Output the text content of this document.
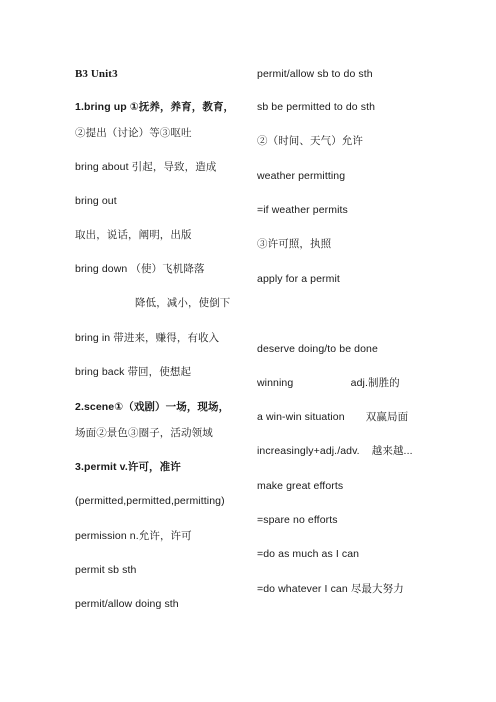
B3 Unit3
1.bring up ①抚养，养育，教育，
②提出（讨论）等③呕吐
bring about 引起，导致，造成
bring out
取出，说话，阐明，出版
bring down （使）飞机降落
降低，减小，使倒下
bring in 带进来，赚得，有收入
bring back 带回，使想起
2.scene①（戏剧）一场，现场，
场面②景色③圈子，活动领域
3.permit v.许可，准许
(permitted,permitted,permitting)
permission n.允许，许可
permit sb sth
permit/allow doing sth
permit/allow sb to do sth
sb be permitted to do sth
②（时间、天气）允许
weather permitting
=if weather permits
③许可照，执照
apply for a permit
deserve doing/to be done
winning                   adj.制胜的
a win-win situation       双赢局面
increasingly+adj./adv.    越来越...
make great efforts
=spare no efforts
=do as much as I can
=do whatever I can 尽最大努力
